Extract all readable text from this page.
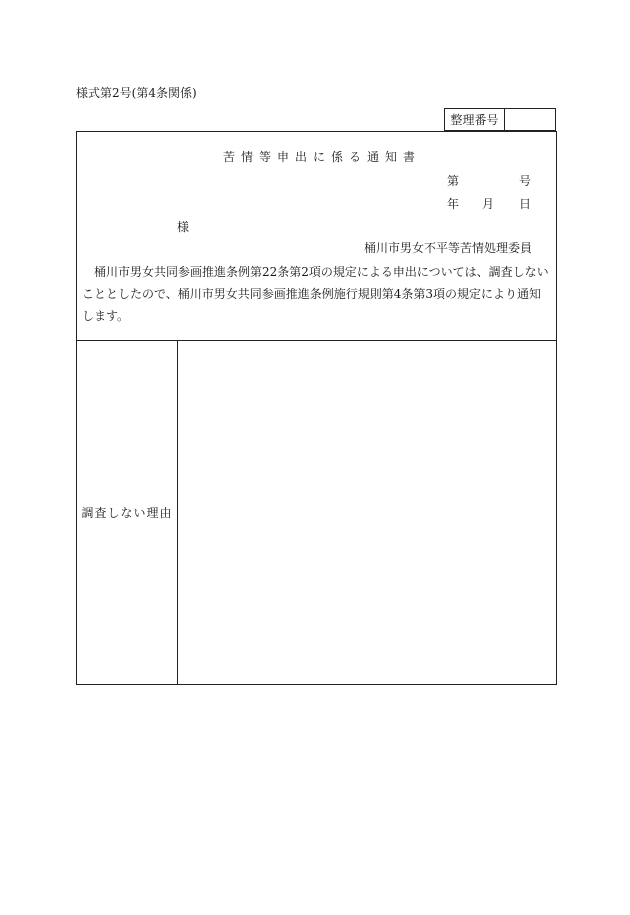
様式第2号(第4条関係)
整理番号
苦情等申出に係る通知書
第	号
年 月 日
様
桶川市男女不平等苦情処理委員
桶川市男女共同参画推進条例第22条第2項の規定による申出については、調査しないこととしたので、桶川市男女共同参画推進条例施行規則第4条第3項の規定により通知します。
調査しない理由
